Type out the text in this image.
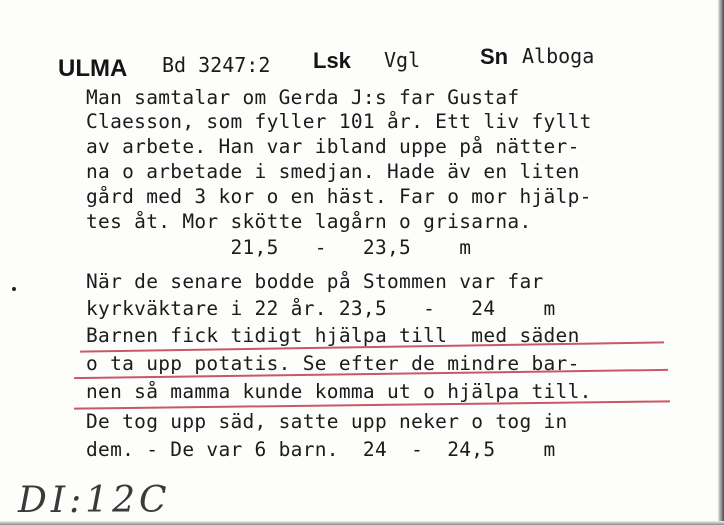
ULMA Bd 3247:2 Lsk Vgl	Sn Alboga
Man samtalar om Gerda J:s far Gustaf
Claesson, som fyller 101 år. Ett liv fyllt
av arbete. Han var ibland uppe på nätter-
na o arbetade i smedjan. Hade äv en liten
gård med 3 kor o en häst. Far o mor hjälp-
tes åt. Mor skötte lagårn o grisarna.
21,5   -   23,5    m
När de senare bodde på Stommen var far
kyrkväktare i 22 år. 23,5   -   24    m
Barnen fick tidigt hjälpa till  med säden
o ta upp potatis. Se efter de mindre bar-
nen så mamma kunde komma ut o hjälpa till.
De tog upp säd, satte upp neker o tog in
dem. - De var 6 barn.  24  -  24,5    m
DI:12C
